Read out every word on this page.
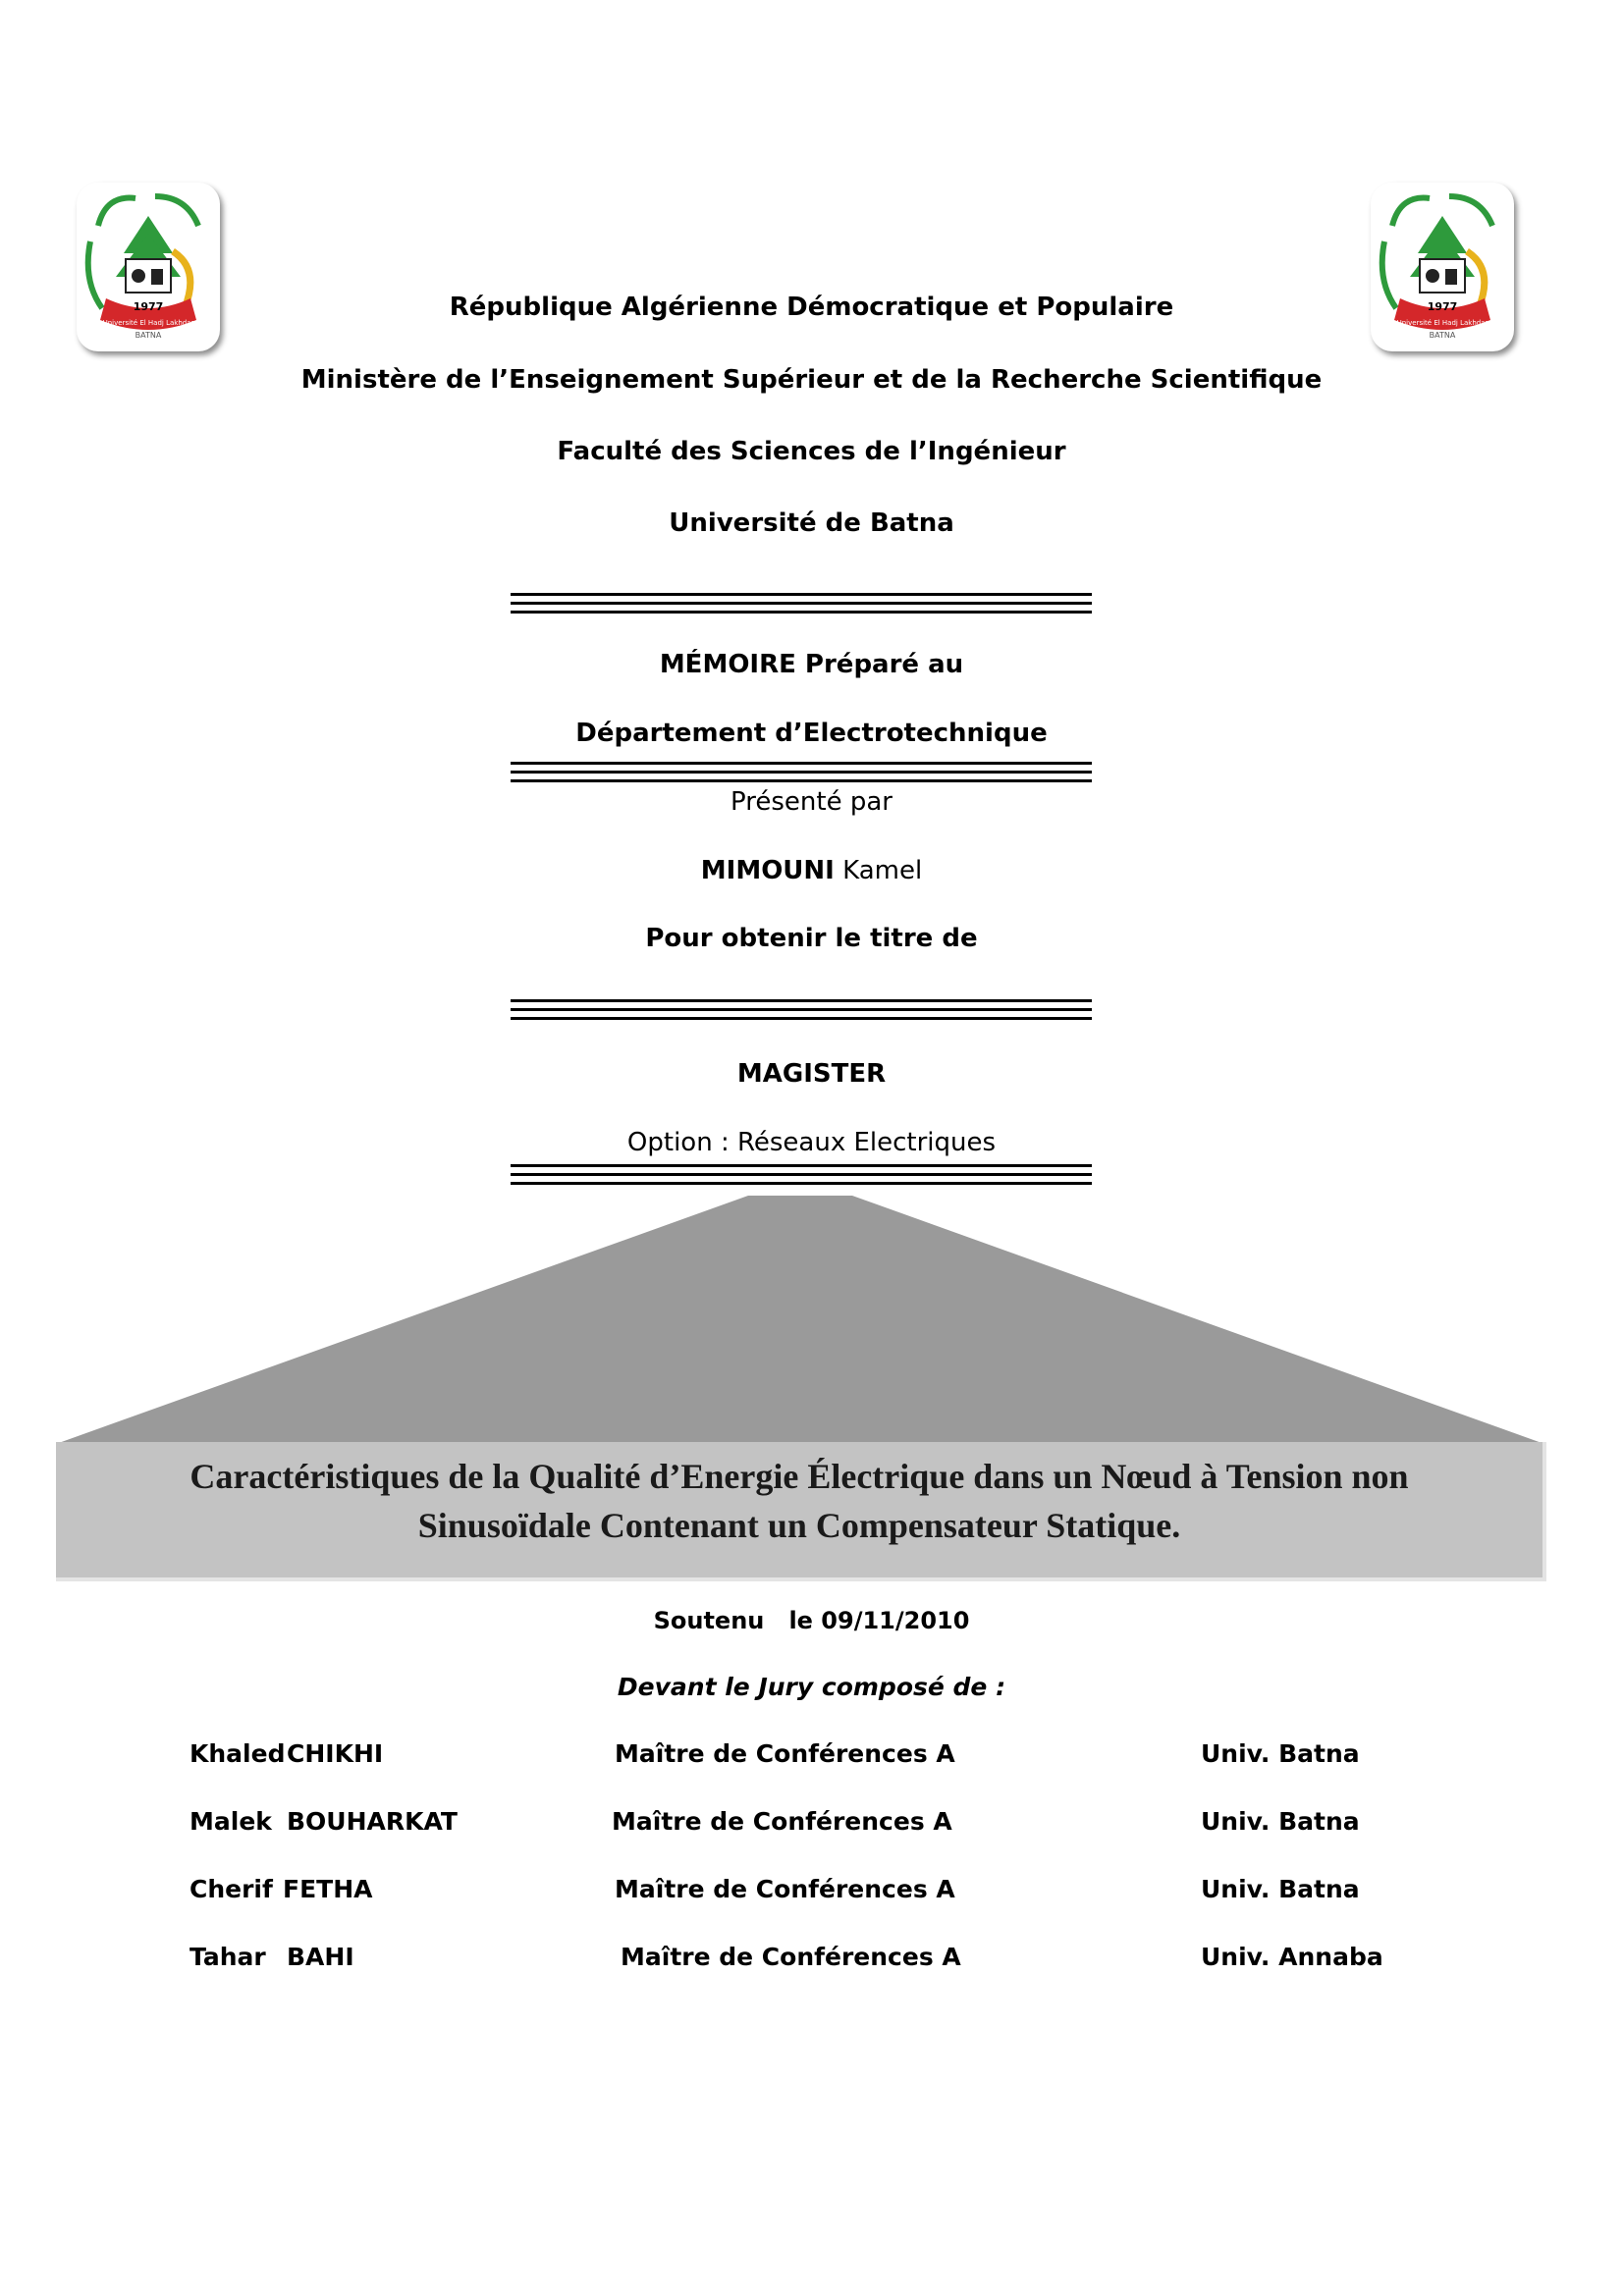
1977
Université El Hadj Lakhdar
BATNA
1977
Université El Hadj Lakhdar
BATNA
République Algérienne Démocratique et Populaire
Ministère de l’Enseignement Supérieur et de la Recherche Scientifique
Faculté des Sciences de l’Ingénieur
Université de Batna
MÉMOIRE Préparé au
Département d’Electrotechnique
Présenté par
MIMOUNI Kamel
Pour obtenir le titre de
MAGISTER
Option : Réseaux Electriques
Caractéristiques de la Qualité d’Energie Électrique dans un Nœud à Tension non
Sinusoïdale Contenant un Compensateur Statique.
Soutenu le 09/11/2010
Devant le Jury composé de :
Khaled CHIKHI	Maître de Conférences A	Univ. Batna
Malek BOUHARKAT	Maître de Conférences A	Univ. Batna
Cherif FETHA	Maître de Conférences A	Univ. Batna
Tahar BAHI	Maître de Conférences A	Univ. Annaba
